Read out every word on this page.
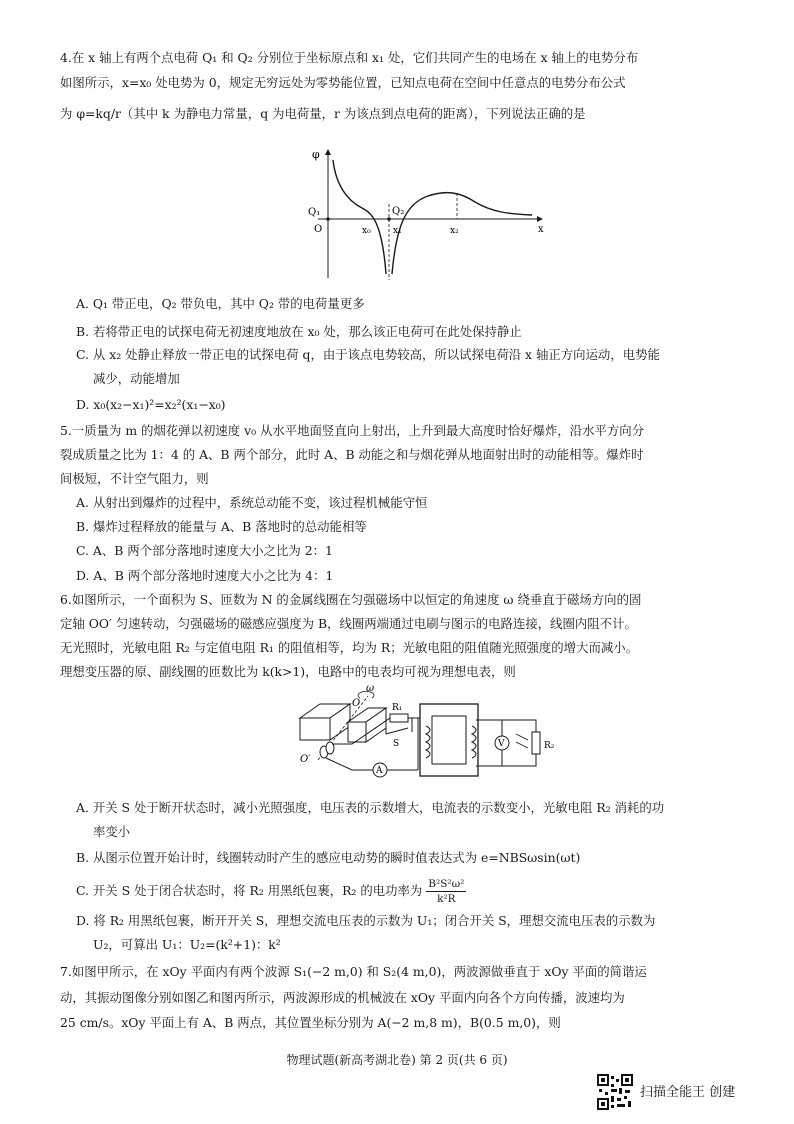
4.在 x 轴上有两个点电荷 Q₁ 和 Q₂ 分别位于坐标原点和 x₁ 处，它们共同产生的电场在 x 轴上的电势分布
如图所示，x=x₀ 处电势为 0，规定无穷远处为零势能位置，已知点电荷在空间中任意点的电势分布公式
为 φ=kq/r（其中 k 为静电力常量，q 为电荷量，r 为该点到点电荷的距离），下列说法正确的是
φ
Q₁
O
Q₂
x₀ x₁	x₂	x
A. Q₁ 带正电，Q₂ 带负电，其中 Q₂ 带的电荷量更多
B. 若将带正电的试探电荷无初速度地放在 x₀ 处，那么该正电荷可在此处保持静止
C. 从 x₂ 处静止释放一带正电的试探电荷 q，由于该点电势较高，所以试探电荷沿 x 轴正方向运动，电势能
减少，动能增加
D. x₀(x₂−x₁)²=x₂²(x₁−x₀)
5.一质量为 m 的烟花弹以初速度 v₀ 从水平地面竖直向上射出，上升到最大高度时恰好爆炸，沿水平方向分
裂成质量之比为 1：4 的 A、B 两个部分，此时 A、B 动能之和与烟花弹从地面射出时的动能相等。爆炸时
间极短，不计空气阻力，则
A. 从射出到爆炸的过程中，系统总动能不变，该过程机械能守恒
B. 爆炸过程释放的能量与 A、B 落地时的总动能相等
C. A、B 两个部分落地时速度大小之比为 2：1
D. A、B 两个部分落地时速度大小之比为 4：1
6.如图所示，一个面积为 S、匝数为 N 的金属线圈在匀强磁场中以恒定的角速度 ω 绕垂直于磁场方向的固
定轴 OO′ 匀速转动，匀强磁场的磁感应强度为 B，线圈两端通过电刷与图示的电路连接，线圈内阻不计。
无光照时，光敏电阻 R₂ 与定值电阻 R₁ 的阻值相等，均为 R；光敏电阻的阻值随光照强度的增大而减小。
理想变压器的原、副线圈的匝数比为 k(k>1)，电路中的电表均可视为理想电表，则
ω
O
O′
R₁
S
A
V	R₂
A. 开关 S 处于断开状态时，减小光照强度，电压表的示数增大，电流表的示数变小，光敏电阻 R₂ 消耗的功
率变小
B. 从图示位置开始计时，线圈转动时产生的感应电动势的瞬时值表达式为 e=NBSωsin(ωt)
C. 开关 S 处于闭合状态时，将 R₂ 用黑纸包裹，R₂ 的电功率为 $\frac{\text{B²S²ω²}}{\text{k²R}}$
D. 将 R₂ 用黑纸包裹，断开开关 S，理想交流电压表的示数为 U₁；闭合开关 S，理想交流电压表的示数为
U₂，可算出 U₁：U₂=(k²+1)：k²
7.如图甲所示，在 xOy 平面内有两个波源 S₁(−2 m,0) 和 S₂(4 m,0)，两波源做垂直于 xOy 平面的简谐运
动，其振动图像分别如图乙和图丙所示，两波源形成的机械波在 xOy 平面内向各个方向传播，波速均为
25 cm/s。xOy 平面上有 A、B 两点，其位置坐标分别为 A(−2 m,8 m)，B(0.5 m,0)，则
物理试题(新高考湖北卷) 第 2 页(共 6 页)
扫描全能王 创建
